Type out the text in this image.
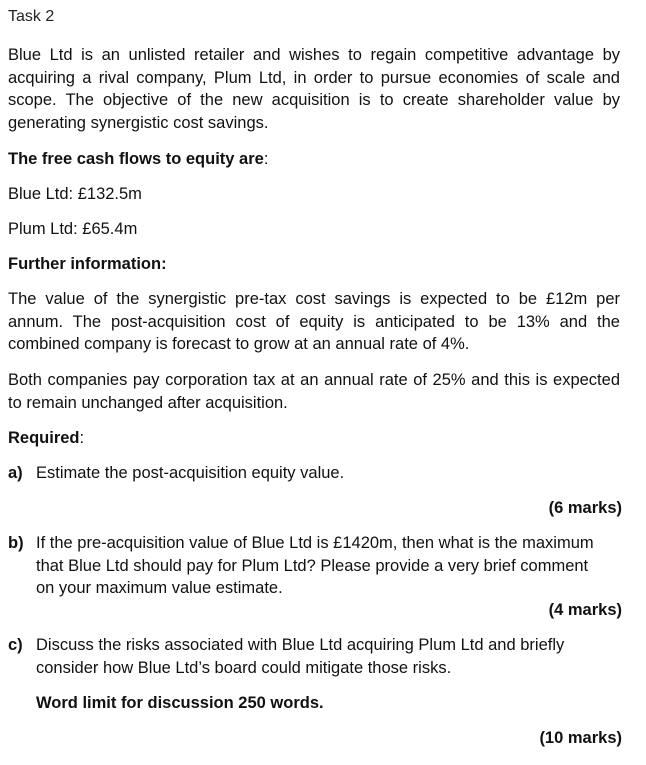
Task 2
Blue Ltd is an unlisted retailer and wishes to regain competitive advantage by acquiring a rival company, Plum Ltd, in order to pursue economies of scale and scope. The objective of the new acquisition is to create shareholder value by generating synergistic cost savings.
The free cash flows to equity are:
Blue Ltd: £132.5m
Plum Ltd: £65.4m
Further information:
The value of the synergistic pre-tax cost savings is expected to be £12m per annum. The post-acquisition cost of equity is anticipated to be 13% and the combined company is forecast to grow at an annual rate of 4%.
Both companies pay corporation tax at an annual rate of 25% and this is expected to remain unchanged after acquisition.
Required:
a) Estimate the post-acquisition equity value.
(6 marks)
b) If the pre-acquisition value of Blue Ltd is £1420m, then what is the maximum that Blue Ltd should pay for Plum Ltd? Please provide a very brief comment on your maximum value estimate.
(4 marks)
c) Discuss the risks associated with Blue Ltd acquiring Plum Ltd and briefly consider how Blue Ltd’s board could mitigate those risks.
Word limit for discussion 250 words.
(10 marks)
